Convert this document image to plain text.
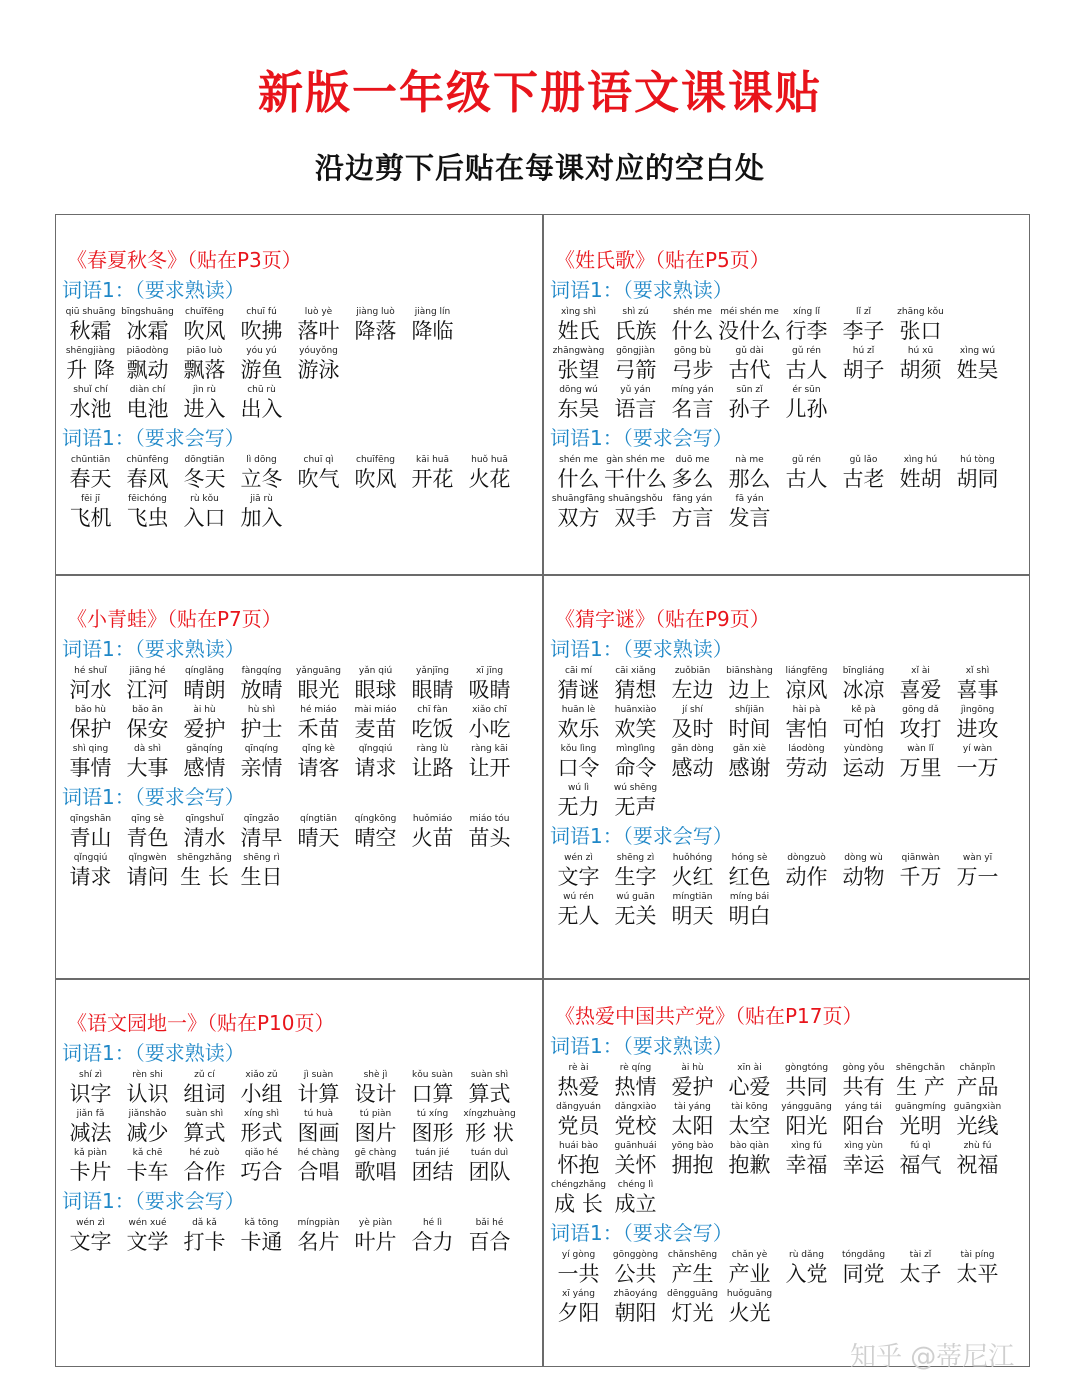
新版一年级下册语文课课贴
沿边剪下后贴在每课对应的空白处
《春夏秋冬》（贴在P3页）
词语1：（要求熟读）
qiū shuāng
秋霜
bīngshuāng
冰霜
chuīfēng
吹风
chuī fú
吹拂
luò yè
落叶
jiàng luò
降落
jiàng lín
降临
shēngjiàng
升 降
piāodòng
飘动
piāo luò
飘落
yóu yú
游鱼
yóuyǒng
游泳
shuǐ chí
水池
diàn chí
电池
jìn rù
进入
chū rù
出入
词语1：（要求会写）
chūntiān
春天
chūnfēng
春风
dōngtiān
冬天
lì dōng
立冬
chuī qì
吹气
chuīfēng
吹风
kāi huā
开花
huǒ huā
火花
fēi jī
飞机
fēichóng
飞虫
rù kǒu
入口
jiā rù
加入
《姓氏歌》（贴在P5页）
词语1：（要求熟读）
xìng shì
姓氏
shì zú
氏族
shén me
什么
méi shén me
没什么
xíng lǐ
行李
lǐ zǐ
李子
zhāng kǒu
张口
zhāngwàng
张望
gōngjiàn
弓箭
gōng bù
弓步
gǔ dài
古代
gǔ rén
古人
hú zǐ
胡子
hú xū
胡须
xìng wú
姓吴
dōng wú
东吴
yǔ yán
语言
míng yán
名言
sūn zǐ
孙子
ér sūn
儿孙
词语1：（要求会写）
shén me
什么
gàn shén me
干什么
duō me
多么
nà me
那么
gǔ rén
古人
gǔ lǎo
古老
xìng hú
姓胡
hú tòng
胡同
shuāngfāng
双方
shuāngshǒu
双手
fāng yán
方言
fā yán
发言
《小青蛙》（贴在P7页）
词语1：（要求熟读）
hé shuǐ
河水
jiāng hé
江河
qínglǎng
晴朗
fàngqíng
放晴
yǎnguāng
眼光
yǎn qiú
眼球
yǎnjīng
眼睛
xī jīng
吸睛
bǎo hù
保护
bǎo ān
保安
ài hù
爱护
hù shì
护士
hé miáo
禾苗
mài miáo
麦苗
chī fàn
吃饭
xiǎo chī
小吃
shì qing
事情
dà shì
大事
gǎnqíng
感情
qīnqíng
亲情
qǐng kè
请客
qǐngqiú
请求
ràng lù
让路
ràng kāi
让开
词语1：（要求会写）
qīngshān
青山
qīng sè
青色
qīngshuǐ
清水
qīngzǎo
清早
qíngtiān
晴天
qíngkōng
晴空
huǒmiáo
火苗
miáo tóu
苗头
qǐngqiú
请求
qǐngwèn
请问
shēngzhǎng
生 长
shēng rì
生日
《猜字谜》（贴在P9页）
词语1：（要求熟读）
cāi mí
猜谜
cāi xiǎng
猜想
zuǒbiān
左边
biānshàng
边上
liángfēng
凉风
bīngliáng
冰凉
xǐ ài
喜爱
xǐ shì
喜事
huān lè
欢乐
huānxiào
欢笑
jí shí
及时
shíjiān
时间
hài pà
害怕
kě pà
可怕
gōng dǎ
攻打
jìngōng
进攻
kǒu lìng
口令
mìnglìng
命令
gǎn dòng
感动
gǎn xiè
感谢
láodòng
劳动
yùndòng
运动
wàn lǐ
万里
yí wàn
一万
wú lì
无力
wú shēng
无声
词语1：（要求会写）
wén zì
文字
shēng zì
生字
huǒhóng
火红
hóng sè
红色
dòngzuò
动作
dòng wù
动物
qiānwàn
千万
wàn yī
万一
wú rén
无人
wú guān
无关
míngtiān
明天
míng bái
明白
《语文园地一》（贴在P10页）
词语1：（要求熟读）
shí zì
识字
rèn shi
认识
zǔ cí
组词
xiǎo zǔ
小组
jì suàn
计算
shè jì
设计
kǒu suàn
口算
suàn shì
算式
jiǎn fǎ
减法
jiǎnshǎo
减少
suàn shì
算式
xíng shì
形式
tú huà
图画
tú piàn
图片
tú xíng
图形
xíngzhuàng
形 状
kǎ piàn
卡片
kǎ chē
卡车
hé zuò
合作
qiǎo hé
巧合
hé chàng
合唱
gē chàng
歌唱
tuán jié
团结
tuán duì
团队
词语1：（要求会写）
wén zì
文字
wén xué
文学
dǎ kǎ
打卡
kǎ tōng
卡通
míngpiàn
名片
yè piàn
叶片
hé lì
合力
bǎi hé
百合
《热爱中国共产党》（贴在P17页）
词语1：（要求熟读）
rè ài
热爱
rè qíng
热情
ài hù
爱护
xīn ài
心爱
gòngtóng
共同
gòng yǒu
共有
shēngchǎn
生 产
chǎnpǐn
产品
dǎngyuán
党员
dǎngxiào
党校
tài yáng
太阳
tài kōng
太空
yángguāng
阳光
yáng tái
阳台
guāngmíng
光明
guāngxiàn
光线
huái bào
怀抱
guānhuái
关怀
yōng bào
拥抱
bào qiàn
抱歉
xìng fú
幸福
xìng yùn
幸运
fú qì
福气
zhù fú
祝福
chéngzhǎng
成 长
chéng lì
成立
词语1：（要求会写）
yí gòng
一共
gōnggòng
公共
chǎnshēng
产生
chǎn yè
产业
rù dǎng
入党
tóngdǎng
同党
tài zǐ
太子
tài píng
太平
xī yáng
夕阳
zhāoyáng
朝阳
dēngguāng
灯光
huǒguāng
火光
知乎 @蒂尼江
